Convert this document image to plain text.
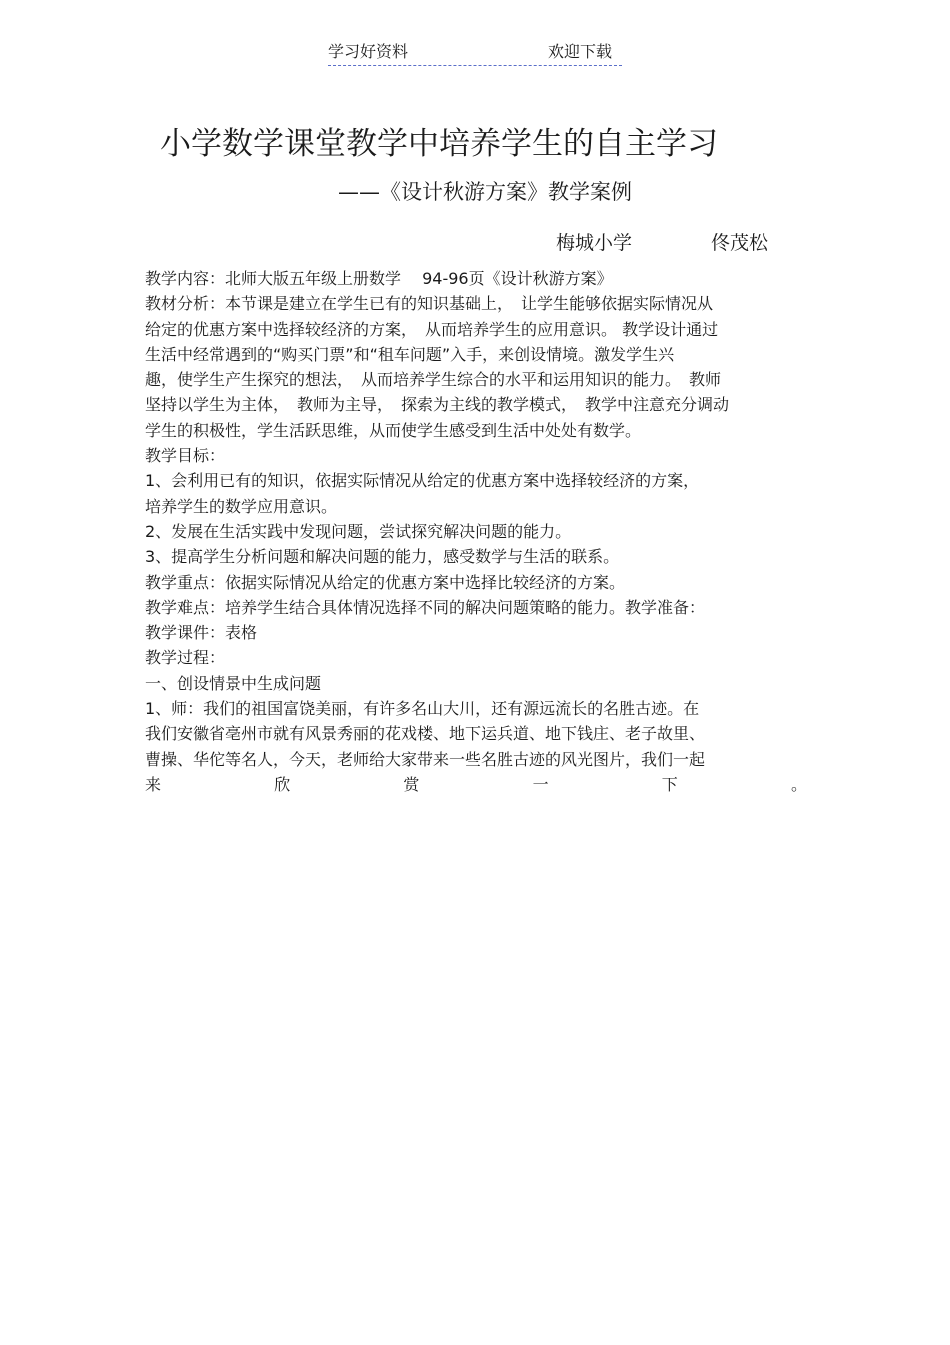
学习好资料	欢迎下载
小学数学课堂教学中培养学生的自主学习
——《设计秋游方案》教学案例
梅城小学	佟茂松
教学内容：北师大版五年级上册数学　 94-96页《设计秋游方案》
教材分析：本节课是建立在学生已有的知识基础上，　让学生能够依据实际情况从
给定的优惠方案中选择较经济的方案，　从而培养学生的应用意识。 教学设计通过
生活中经常遇到的“购买门票”和“租车问题”入手，来创设情境。激发学生兴
趣，使学生产生探究的想法，　从而培养学生综合的水平和运用知识的能力。　教师
坚持以学生为主体，　教师为主导，　探索为主线的教学模式，　教学中注意充分调动
学生的积极性，学生活跃思维，从而使学生感受到生活中处处有数学。
教学目标：
1、会利用已有的知识，依据实际情况从给定的优惠方案中选择较经济的方案，
培养学生的数学应用意识。
2、发展在生活实践中发现问题，尝试探究解决问题的能力。
3、提高学生分析问题和解决问题的能力，感受数学与生活的联系。
教学重点：依据实际情况从给定的优惠方案中选择比较经济的方案。
教学难点：培养学生结合具体情况选择不同的解决问题策略的能力。教学准备：
教学课件：表格
教学过程：
一、创设情景中生成问题
1、师：我们的祖国富饶美丽，有许多名山大川，还有源远流长的名胜古迹。在
我们安徽省亳州市就有风景秀丽的花戏楼、地下运兵道、地下钱庄、老子故里、
曹操、华佗等名人，今天，老师给大家带来一些名胜古迹的风光图片，我们一起
来	欣	赏	一	下	。
